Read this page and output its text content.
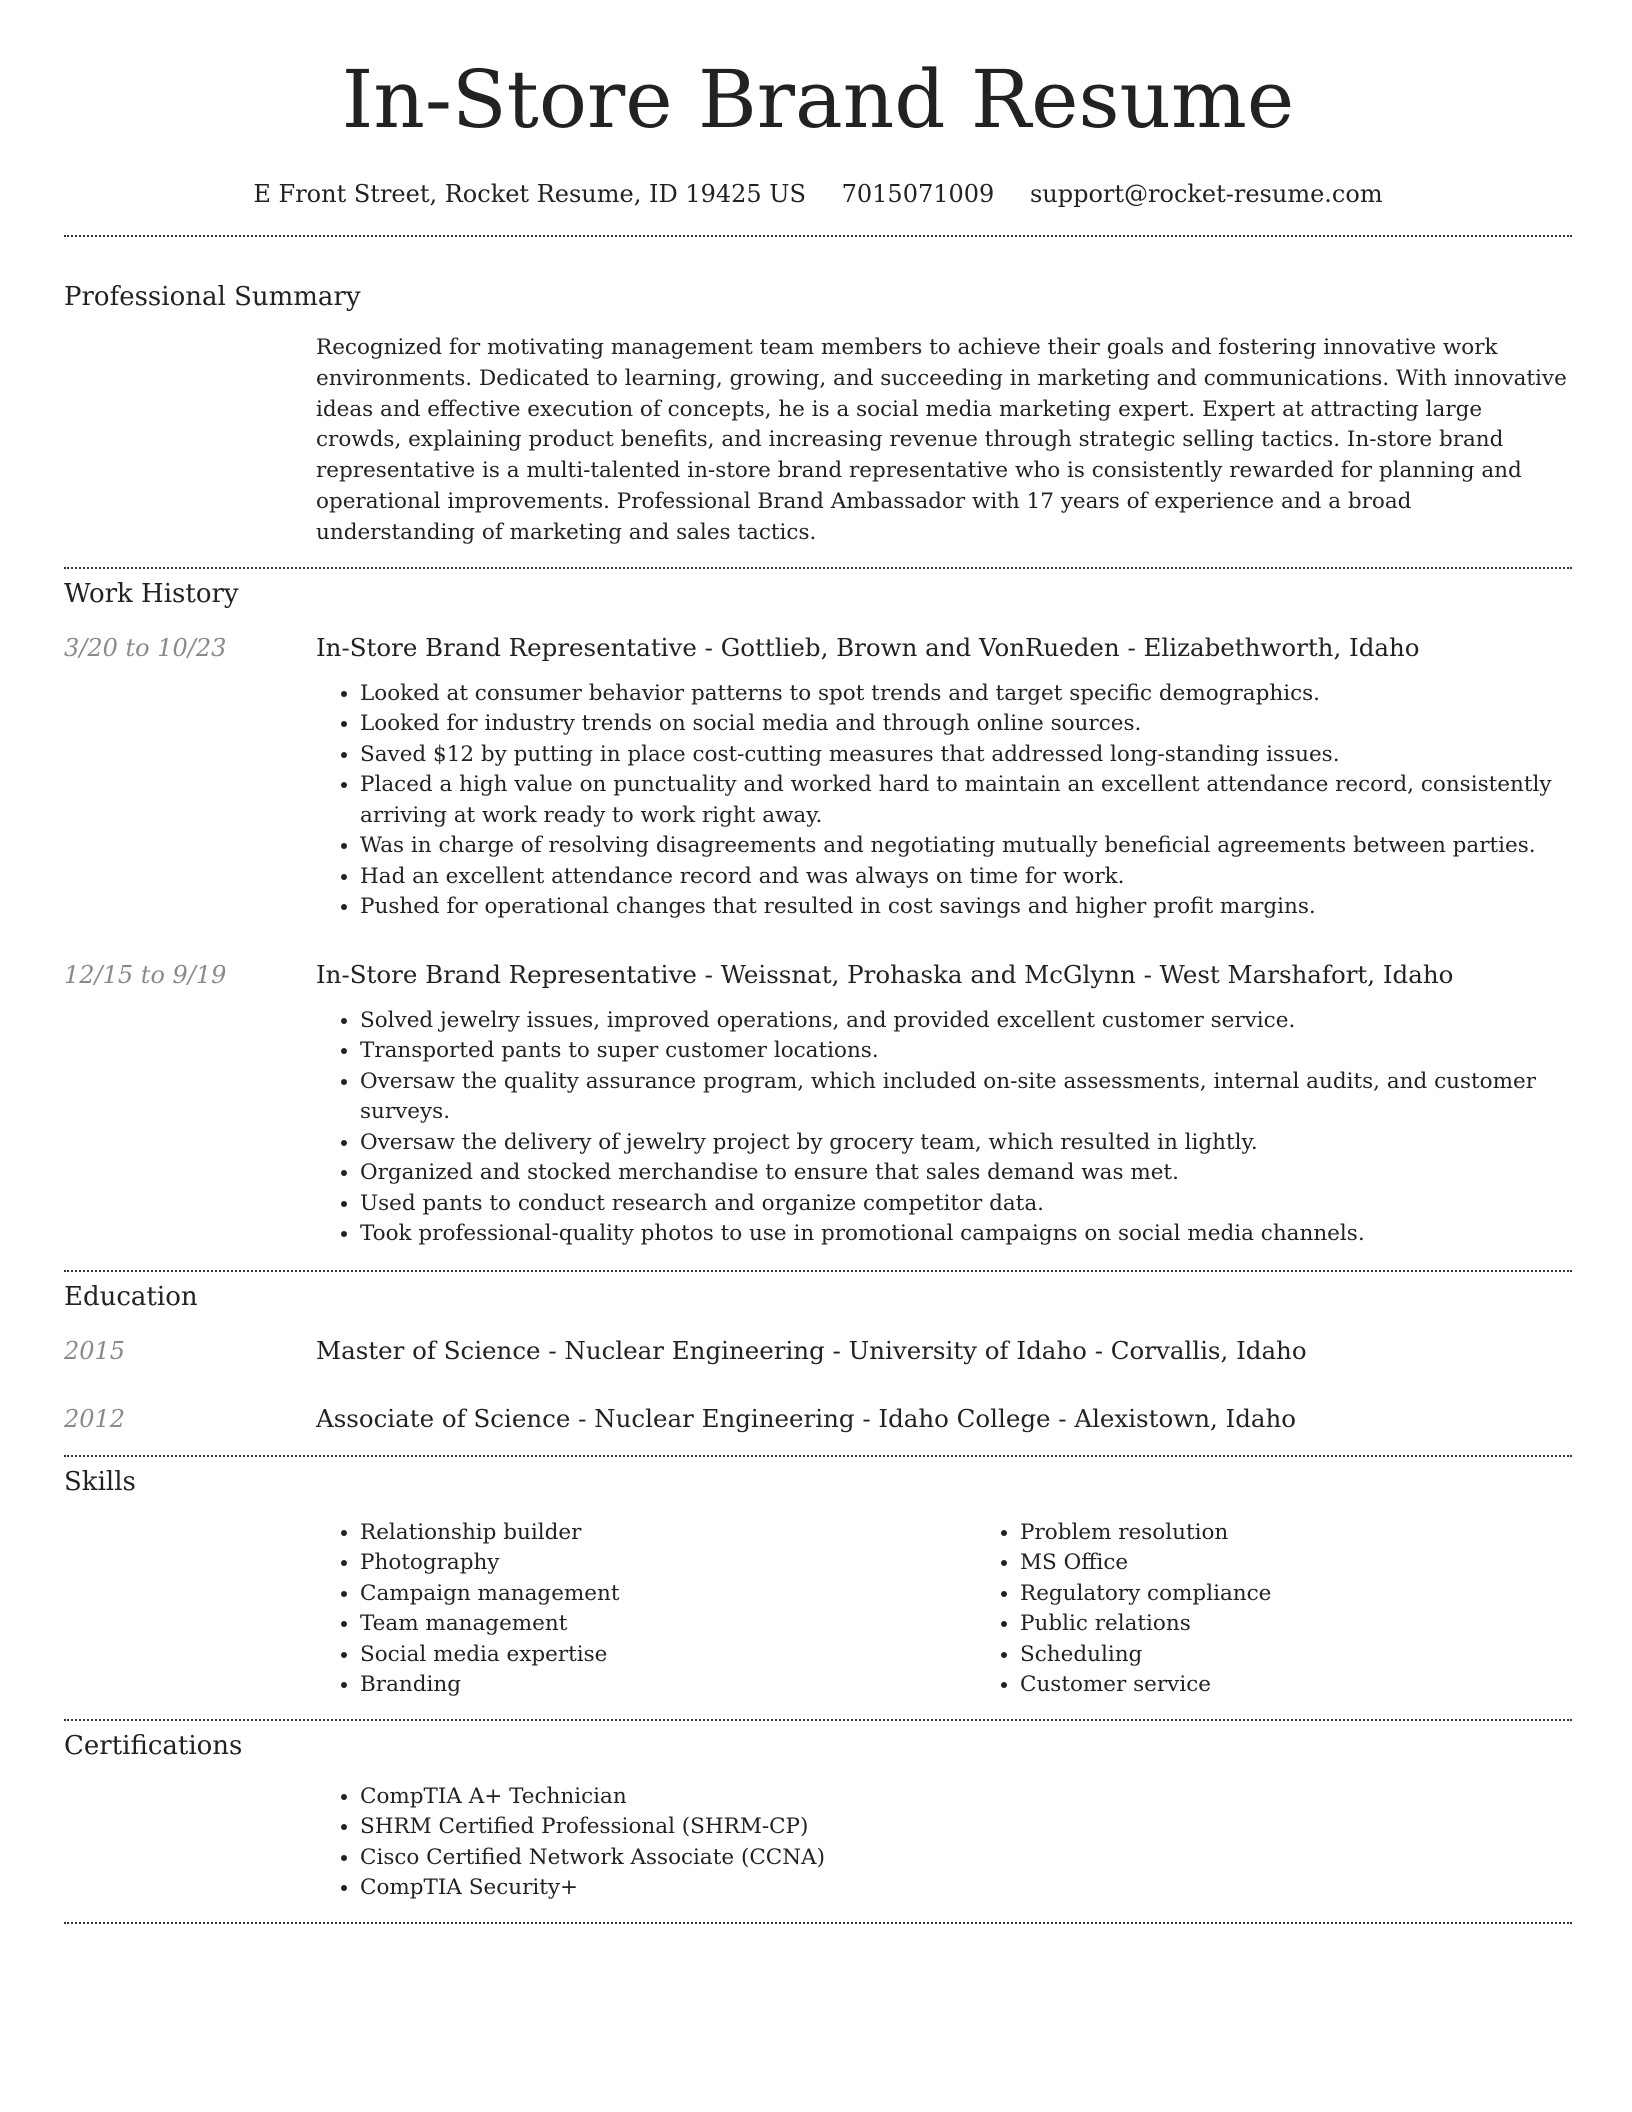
In-Store Brand Resume
E Front Street, Rocket Resume, ID 19425 US 7015071009 support@rocket-resume.com
Professional Summary
Recognized for motivating management team members to achieve their goals and fostering innovative work environments. Dedicated to learning, growing, and succeeding in marketing and communications. With innovative ideas and effective execution of concepts, he is a social media marketing expert. Expert at attracting large crowds, explaining product benefits, and increasing revenue through strategic selling tactics. In-store brand representative is a multi-talented in-store brand representative who is consistently rewarded for planning and operational improvements. Professional Brand Ambassador with 17 years of experience and a broad understanding of marketing and sales tactics.
Work History
3/20 to 10/23	In-Store Brand Representative - Gottlieb, Brown and VonRueden - Elizabethworth, Idaho
• Looked at consumer behavior patterns to spot trends and target specific demographics.
• Looked for industry trends on social media and through online sources.
• Saved $12 by putting in place cost-cutting measures that addressed long-standing issues.
• Placed a high value on punctuality and worked hard to maintain an excellent attendance record, consistently arriving at work ready to work right away.
• Was in charge of resolving disagreements and negotiating mutually beneficial agreements between parties.
• Had an excellent attendance record and was always on time for work.
• Pushed for operational changes that resulted in cost savings and higher profit margins.
12/15 to 9/19	In-Store Brand Representative - Weissnat, Prohaska and McGlynn - West Marshafort, Idaho
• Solved jewelry issues, improved operations, and provided excellent customer service.
• Transported pants to super customer locations.
• Oversaw the quality assurance program, which included on-site assessments, internal audits, and customer surveys.
• Oversaw the delivery of jewelry project by grocery team, which resulted in lightly.
• Organized and stocked merchandise to ensure that sales demand was met.
• Used pants to conduct research and organize competitor data.
• Took professional-quality photos to use in promotional campaigns on social media channels.
Education
2015	Master of Science - Nuclear Engineering - University of Idaho - Corvallis, Idaho
2012	Associate of Science - Nuclear Engineering - Idaho College - Alexistown, Idaho
Skills
• Relationship builder
• Photography
• Campaign management
• Team management
• Social media expertise
• Branding
• Problem resolution
• MS Office
• Regulatory compliance
• Public relations
• Scheduling
• Customer service
Certifications
• CompTIA A+ Technician
• SHRM Certified Professional (SHRM-CP)
• Cisco Certified Network Associate (CCNA)
• CompTIA Security+
